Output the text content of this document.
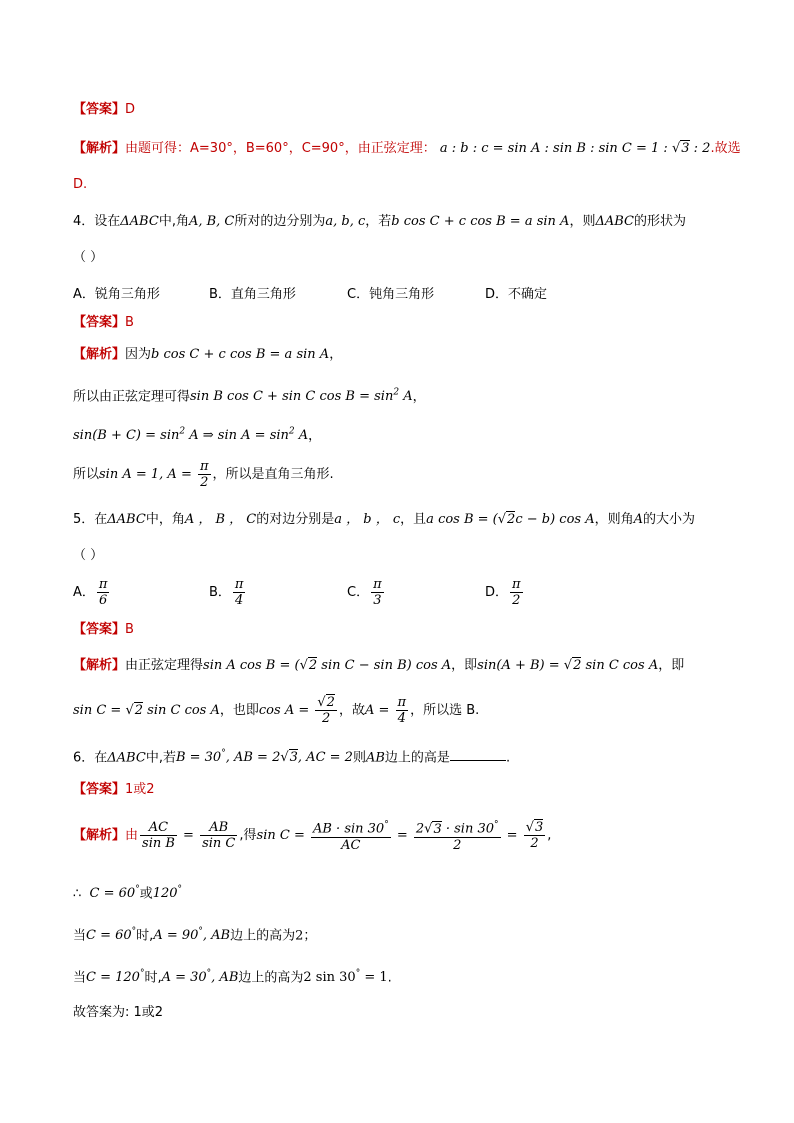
【答案】D
【解析】由题可得：A=30°，B=60°，C=90°，由正弦定理： a : b : c = sin A : sin B : sin C = 1 : √3 : 2.故选
D.
4．设在ΔABC中,角A, B, C所对的边分别为a, b, c，若b cos C + c cos B = a sin A，则ΔABC的形状为
（ ）
A．锐角三角形	B．直角三角形	C．钝角三角形	D．不确定
【答案】B
【解析】因为b cos C + c cos B = a sin A，
所以由正弦定理可得sin B cos C + sin C $\cos B = \sin^2 A$，
$\sin(B + C) = \sin^2 A$ ⇒ $\sin A = \sin^2 A$，
所以sin A = 1, $A = \frac{\pi}{2}$ ，所以是直角三角形.
5．在ΔABC中，角A ， B ， C的对边分别是a ， b ， c，且a cos B = (√2c − b) cos A，则角A的大小为
（ ）
A． $\frac{\pi}{6}$	B． $\frac{\pi}{4}$	C． $\frac{\pi}{3}$	D． $\frac{\pi}{2}$
【答案】B
【解析】由正弦定理得sin A cos B = (√2 sin C − sin B) cos A，即sin(A + B) = √2 sin C cos A，即
sin C = √2 sin C cos A，也即$\cos A = \frac{√2}{2}$ ，故$A = \frac{\pi}{4}$ ，所以选 B.
6．在ΔABC中,若B = 30°, AB = 2√3, AC = 2则AB边上的高是	.
【答案】1或2
【解析】由 $\frac{AC}{\text{sin B}} = \frac{AB}{\text{sin C}}$ ,得$\sin C = \frac{AB \cdot \sin 30^\circ}{AC} = \frac{2√3 \cdot \sin 30^\circ}{2} = \frac{√3}{2}$ ,
∴ C = 60°或120°
当C = 60°时,A = 90°, AB边上的高为2；
当C = 120°时,A = 30°, AB边上的高为2 sin 30° = 1.
故答案为: 1或2
